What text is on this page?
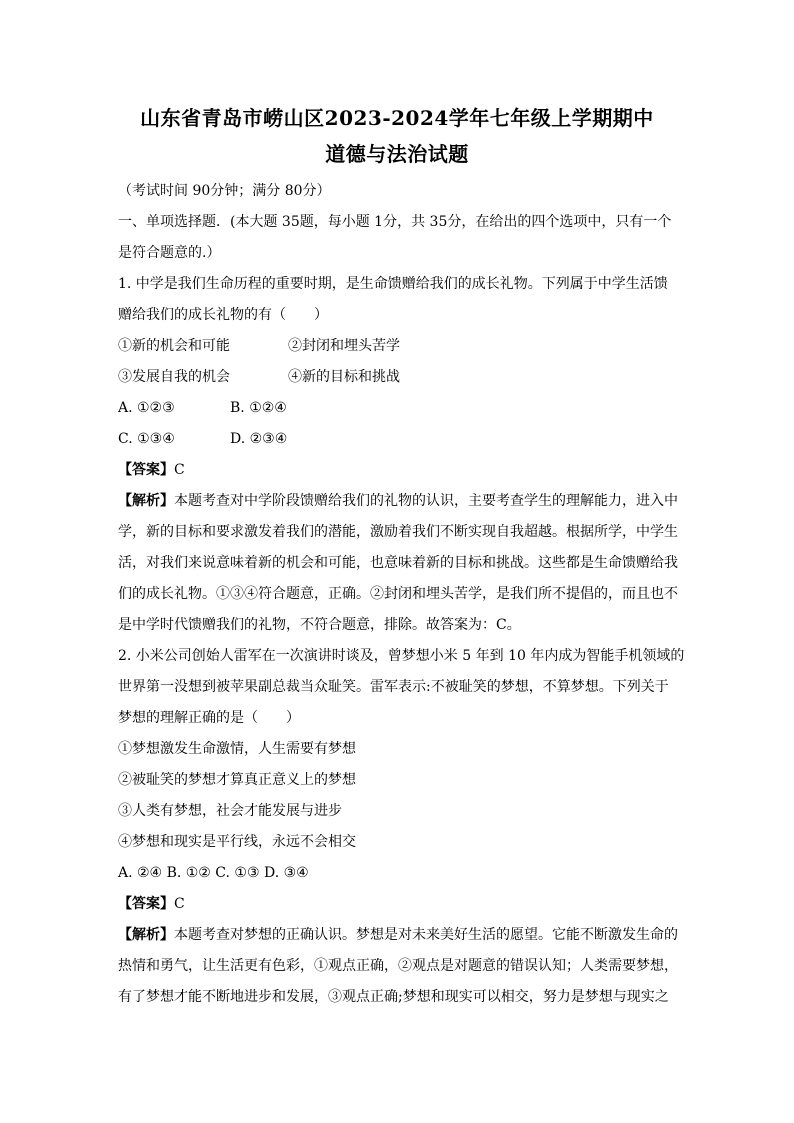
山东省青岛市崂山区2023-2024学年七年级上学期期中
道德与法治试题
（考试时间 90分钟；满分 80分）
一、单项选择题．(本大题 35题，每小题 1分，共 35分，在给出的四个选项中，只有一个
是符合题意的.）
1. 中学是我们生命历程的重要时期，是生命馈赠给我们的成长礼物。下列属于中学生活馈
赠给我们的成长礼物的有（　　）
①新的机会和可能	②封闭和埋头苦学
③发展自我的机会	④新的目标和挑战
A. ①②③	B. ①②④
C. ①③④	D. ②③④
【答案】C
【解析】本题考查对中学阶段馈赠给我们的礼物的认识，主要考查学生的理解能力，进入中
学，新的目标和要求激发着我们的潜能，激励着我们不断实现自我超越。根据所学，中学生
活，对我们来说意味着新的机会和可能，也意味着新的目标和挑战。这些都是生命馈赠给我
们的成长礼物。①③④符合题意，正确。②封闭和埋头苦学，是我们所不提倡的，而且也不
是中学时代馈赠我们的礼物，不符合题意，排除。故答案为：C。
2. 小米公司创始人雷军在一次演讲时谈及，曾梦想小米 5 年到 10 年内成为智能手机领域的
世界第一没想到被苹果副总裁当众耻笑。雷军表示:不被耻笑的梦想，不算梦想。下列关于
梦想的理解正确的是（　　）
①梦想激发生命激情，人生需要有梦想
②被耻笑的梦想才算真正意义上的梦想
③人类有梦想，社会才能发展与进步
④梦想和现实是平行线，永远不会相交
A. ②④ B. ①② C. ①③ D. ③④
【答案】C
【解析】本题考查对梦想的正确认识。梦想是对未来美好生活的愿望。它能不断激发生命的
热情和勇气，让生活更有色彩，①观点正确，②观点是对题意的错误认知；人类需要梦想，
有了梦想才能不断地进步和发展，③观点正确;梦想和现实可以相交，努力是梦想与现实之
